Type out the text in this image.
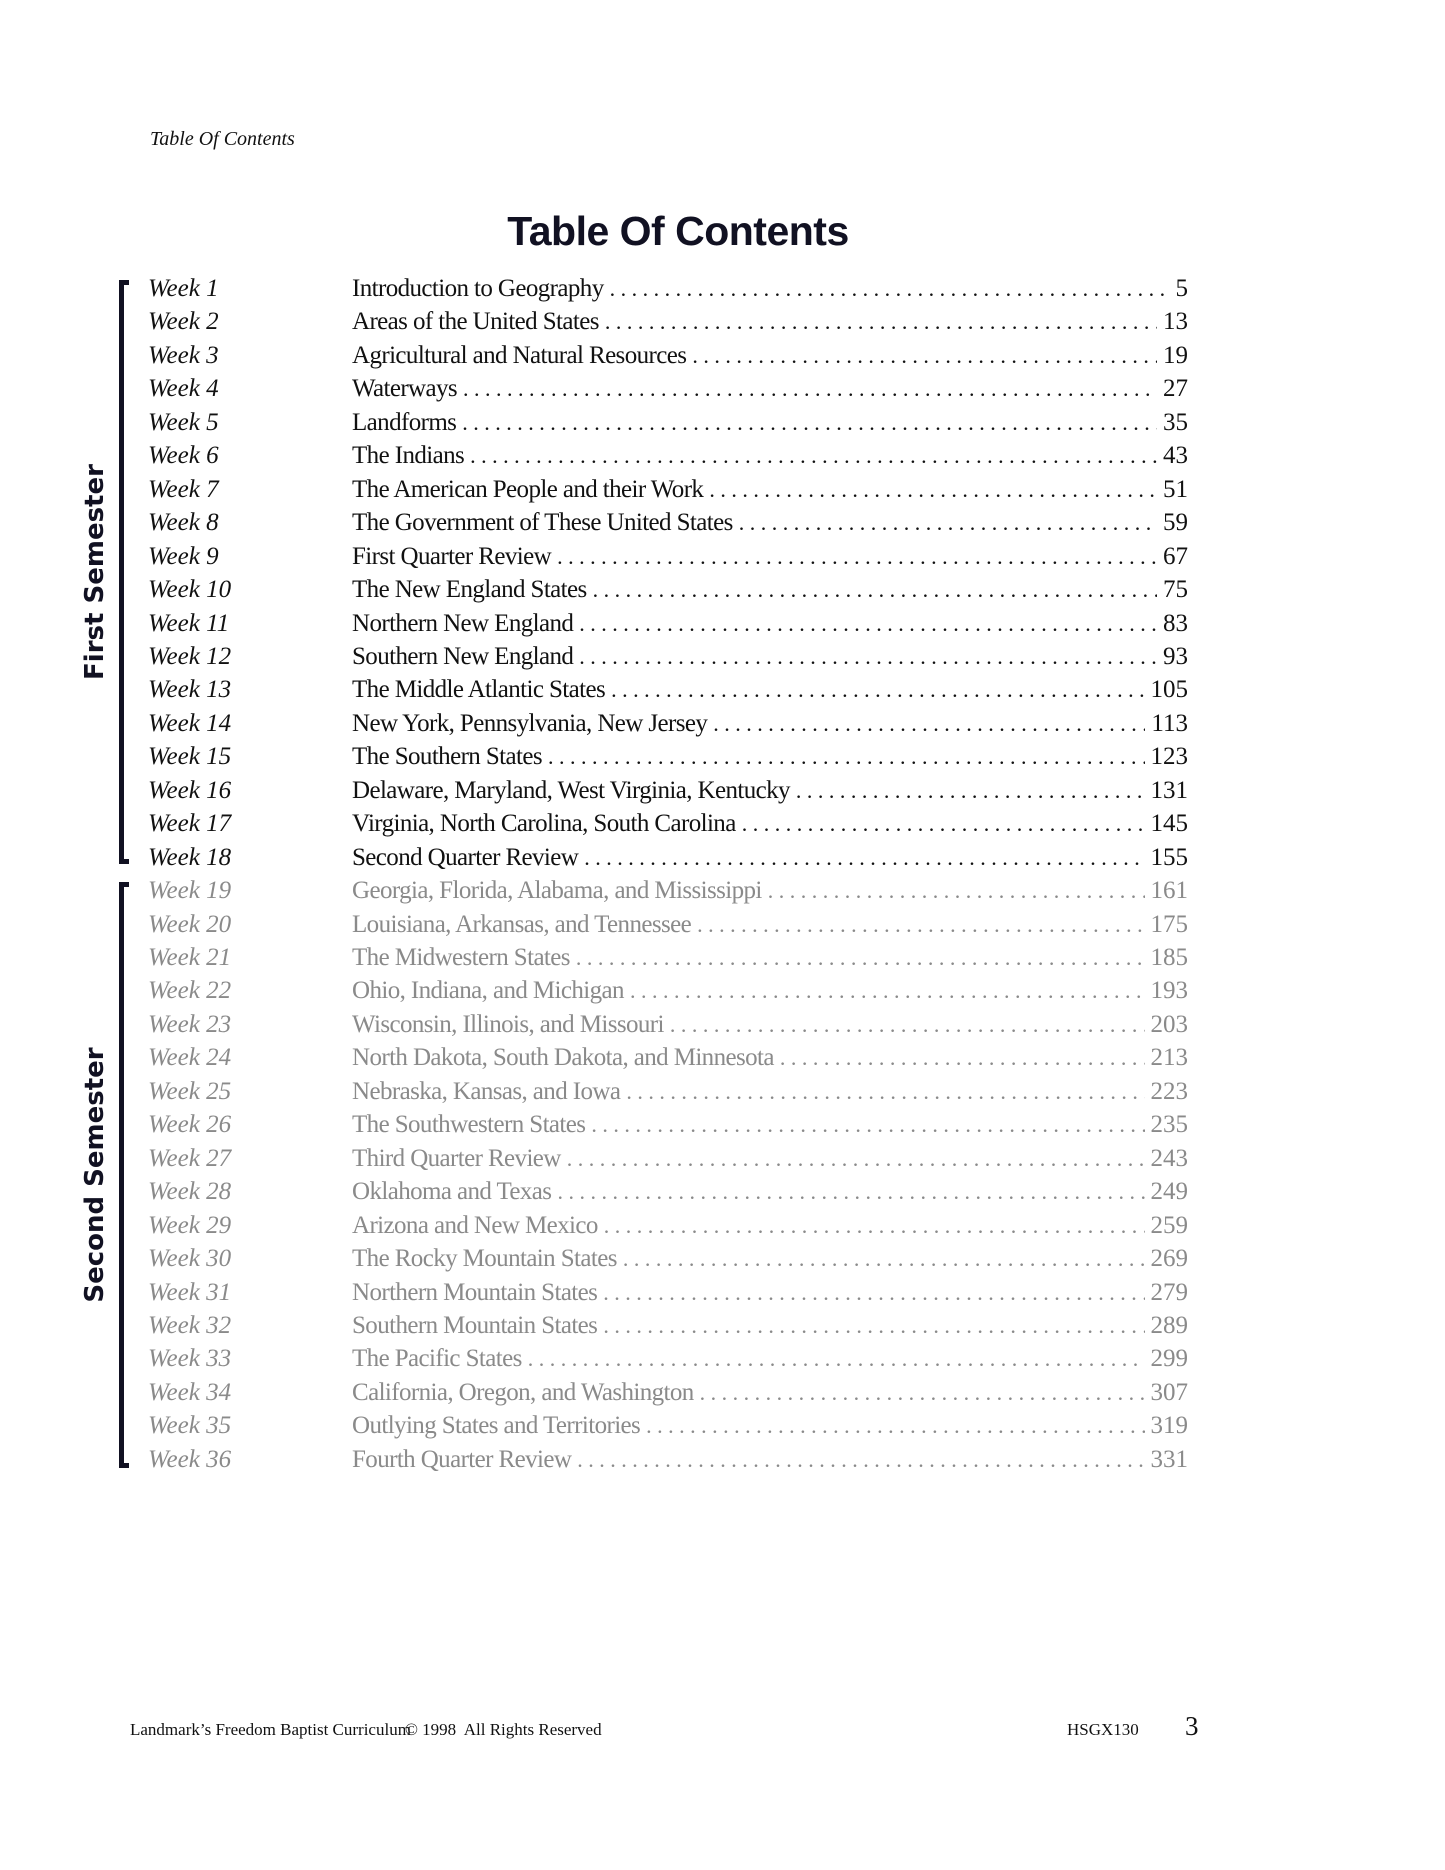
Table Of Contents
Table Of Contents
First Semester
Second Semester
Week 1	Introduction to Geography . . .	5
Week 2	Areas of the United States . . .	13
Week 3	Agricultural and Natural Resources . . .	19
Week 4	Waterways . . .	27
Week 5	Landforms . . .	35
Week 6	The Indians . . .	43
Week 7	The American People and their Work . . .	51
Week 8	The Government of These United States . . .	59
Week 9	First Quarter Review . . .	67
Week 10	The New England States . . .	75
Week 11	Northern New England . . .	83
Week 12	Southern New England . . .	93
Week 13	The Middle Atlantic States . . .	105
Week 14	New York, Pennsylvania, New Jersey . . .	113
Week 15	The Southern States . . .	123
Week 16	Delaware, Maryland, West Virginia, Kentucky . . .	131
Week 17	Virginia, North Carolina, South Carolina . . .	145
Week 18	Second Quarter Review . . .	155
Week 19	Georgia, Florida, Alabama, and Mississippi . . .	161
Week 20	Louisiana, Arkansas, and Tennessee . . .	175
Week 21	The Midwestern States . . .	185
Week 22	Ohio, Indiana, and Michigan . . .	193
Week 23	Wisconsin, Illinois, and Missouri . . .	203
Week 24	North Dakota, South Dakota, and Minnesota . . .	213
Week 25	Nebraska, Kansas, and Iowa . . .	223
Week 26	The Southwestern States . . .	235
Week 27	Third Quarter Review . . .	243
Week 28	Oklahoma and Texas . . .	249
Week 29	Arizona and New Mexico . . .	259
Week 30	The Rocky Mountain States . . .	269
Week 31	Northern Mountain States . . .	279
Week 32	Southern Mountain States . . .	289
Week 33	The Pacific States . . .	299
Week 34	California, Oregon, and Washington . . .	307
Week 35	Outlying States and Territories . . .	319
Week 36	Fourth Quarter Review . . .	331
Landmark’s Freedom Baptist Curriculum
© 1998  All Rights Reserved	HSGX130 3
